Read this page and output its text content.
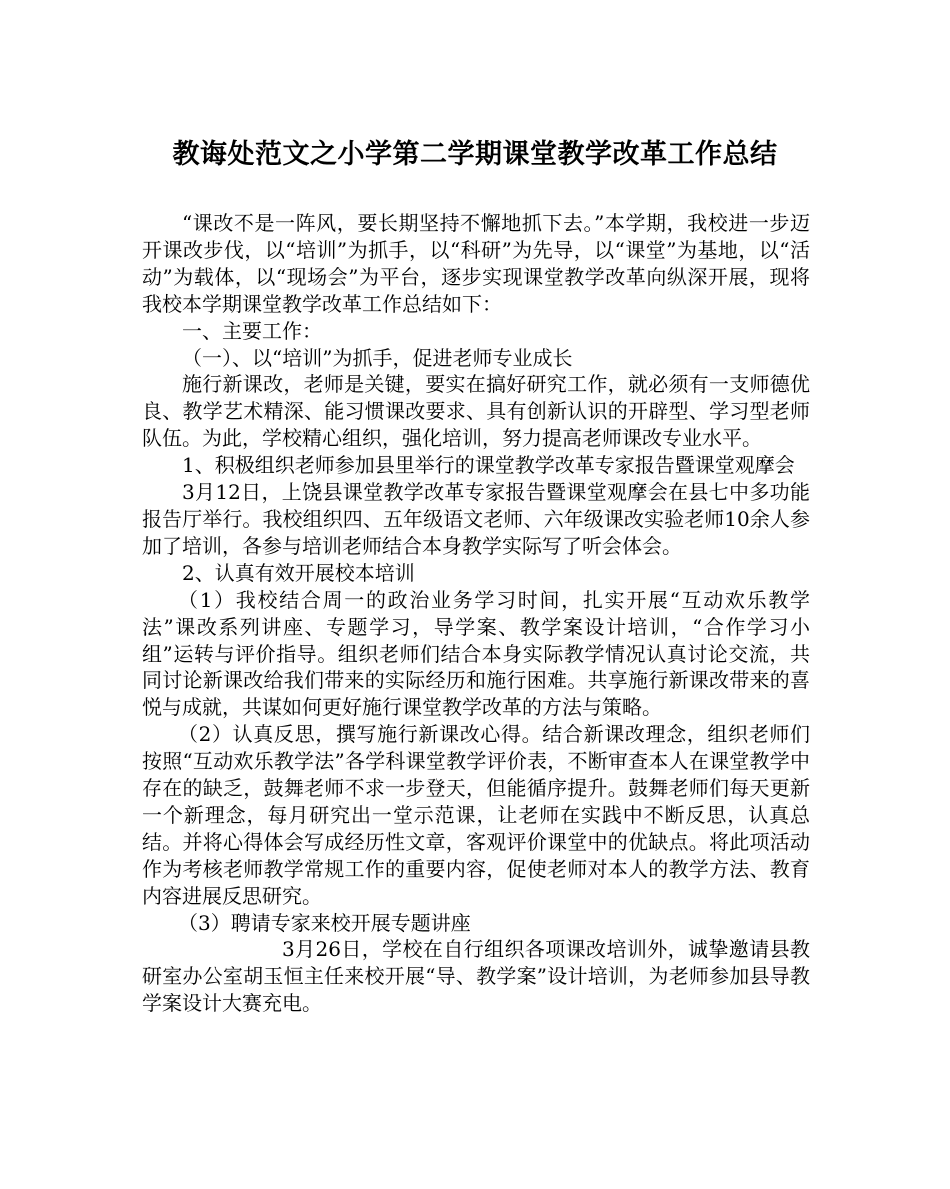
教诲处范文之小学第二学期课堂教学改革工作总结

“课改不是一阵风，要长期坚持不懈地抓下去。”本学期，我校进一步迈开课改步伐，以“培训”为抓手，以“科研”为先导，以“课堂”为基地，以“活动”为载体，以“现场会”为平台，逐步实现课堂教学改革向纵深开展，现将我校本学期课堂教学改革工作总结如下：

一、主要工作：

（一）、以“培训”为抓手，促进老师专业成长

施行新课改，老师是关键，要实在搞好研究工作，就必须有一支师德优良、教学艺术精深、能习惯课改要求、具有创新认识的开辟型、学习型老师队伍。为此，学校精心组织，强化培训，努力提高老师课改专业水平。

1、积极组织老师参加县里举行的课堂教学改革专家报告暨课堂观摩会

3月12日，上饶县课堂教学改革专家报告暨课堂观摩会在县七中多功能报告厅举行。我校组织四、五年级语文老师、六年级课改实验老师10余人参加了培训，各参与培训老师结合本身教学实际写了听会体会。

2、认真有效开展校本培训

（1）我校结合周一的政治业务学习时间，扎实开展“互动欢乐教学法”课改系列讲座、专题学习，导学案、教学案设计培训，“合作学习小组”运转与评价指导。组织老师们结合本身实际教学情况认真讨论交流，共同讨论新课改给我们带来的实际经历和施行困难。共享施行新课改带来的喜悦与成就，共谋如何更好施行课堂教学改革的方法与策略。

（2）认真反思，撰写施行新课改心得。结合新课改理念，组织老师们按照“互动欢乐教学法”各学科课堂教学评价表，不断审查本人在课堂教学中存在的缺乏，鼓舞老师不求一步登天，但能循序提升。鼓舞老师们每天更新一个新理念，每月研究出一堂示范课，让老师在实践中不断反思，认真总结。并将心得体会写成经历性文章，客观评价课堂中的优缺点。将此项活动作为考核老师教学常规工作的重要内容，促使老师对本人的教学方法、教育内容进展反思研究。

（3）聘请专家来校开展专题讲座

3月26日，学校在自行组织各项课改培训外，诚挚邀请县教研室办公室胡玉恒主任来校开展“导、教学案”设计培训，为老师参加县导教学案设计大赛充电。
